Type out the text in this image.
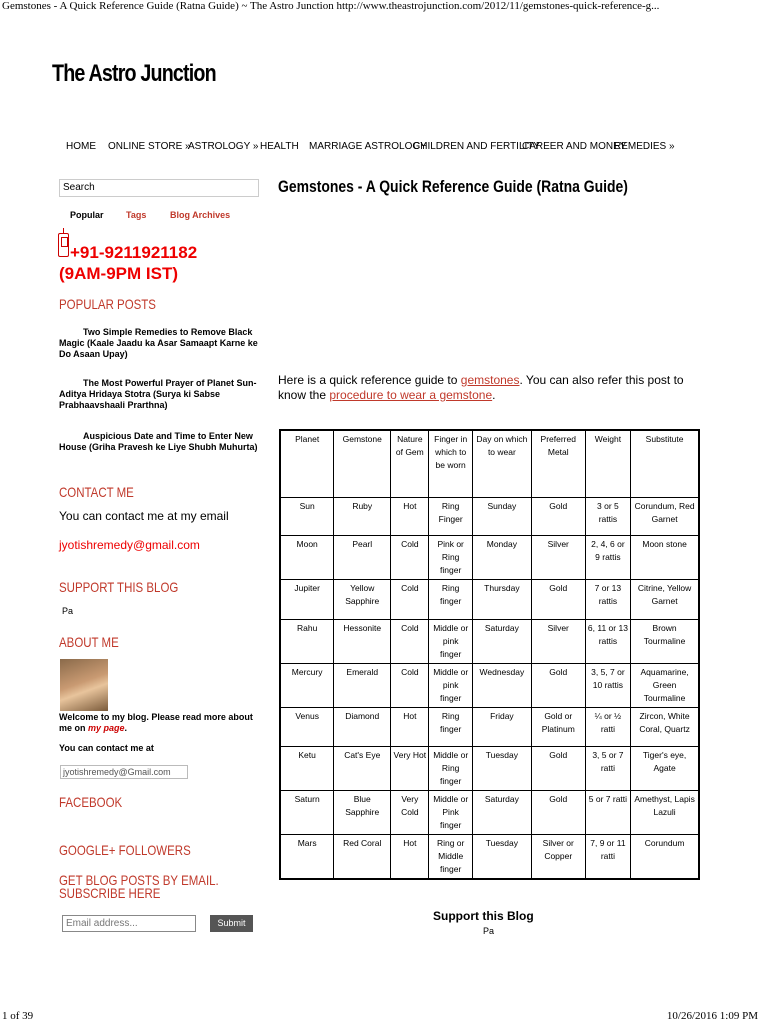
Gemstones - A Quick Reference Guide (Ratna Guide) ~ The Astro Junction http://www.theastrojunction.com/2012/11/gemstones-quick-reference-g...
The Astro Junction
HOME ONLINE STORE »
ASTROLOGY » HEALTH MARRIAGE ASTROLOGY
CHILDREN AND FERTILITY
CAREER AND MONEY
REMEDIES »
Search
Popular Tags	Blog Archives
+91-9211921182
(9AM-9PM IST)
POPULAR POSTS
Two Simple Remedies to Remove Black Magic (Kaale Jaadu ka Asar Samaapt Karne ke Do Asaan Upay)
The Most Powerful Prayer of Planet Sun- Aditya Hridaya Stotra (Surya ki Sabse Prabhaavshaali Prarthna)
Auspicious Date and Time to Enter New House (Griha Pravesh ke Liye Shubh Muhurta)
CONTACT ME
You can contact me at my email
jyotishremedy@gmail.com
SUPPORT THIS BLOG
Pa
ABOUT ME
Welcome to my blog. Please read more about me on my page.
You can contact me at
jyotishremedy@Gmail.com
FACEBOOK
GOOGLE+ FOLLOWERS
GET BLOG POSTS BY EMAIL.
SUBSCRIBE HERE
Email address...	Submit
Gemstones - A Quick Reference Guide (Ratna Guide)
Here is a quick reference guide to gemstones. You can also refer this post to know the procedure to wear a gemstone.
Planet	Gemstone	Nature of Gem	Finger in which to be worn	Day on which to wear	Preferred Metal	Weight	Substitute
Sun	Ruby	Hot	Ring Finger	Sunday	Gold	3 or 5 rattis	Corundum, Red Garnet
Moon	Pearl	Cold	Pink or Ring finger	Monday	Silver	2, 4, 6 or 9 rattis	Moon stone
Jupiter	Yellow Sapphire	Cold	Ring finger	Thursday	Gold	7 or 13 rattis	Citrine, Yellow Garnet
Rahu	Hessonite	Cold	Middle or pink finger	Saturday	Silver	6, 11 or 13 rattis	Brown Tourmaline
Mercury	Emerald	Cold	Middle or pink finger	Wednesday	Gold	3, 5, 7 or 10 rattis	Aquamarine, Green Tourmaline
Venus	Diamond	Hot	Ring finger	Friday	Gold or Platinum	¼ or ½ ratti	Zircon, White Coral, Quartz
Ketu	Cat's Eye	Very Hot	Middle or Ring finger	Tuesday	Gold	3, 5 or 7 ratti	Tiger's eye, Agate
Saturn	Blue Sapphire	Very Cold	Middle or Pink finger	Saturday	Gold	5 or 7 ratti	Amethyst, Lapis Lazuli
Mars	Red Coral	Hot	Ring or Middle finger	Tuesday	Silver or Copper	7, 9 or 11 ratti	Corundum
Support this Blog
Pa
1 of 39	10/26/2016 1:09 PM
